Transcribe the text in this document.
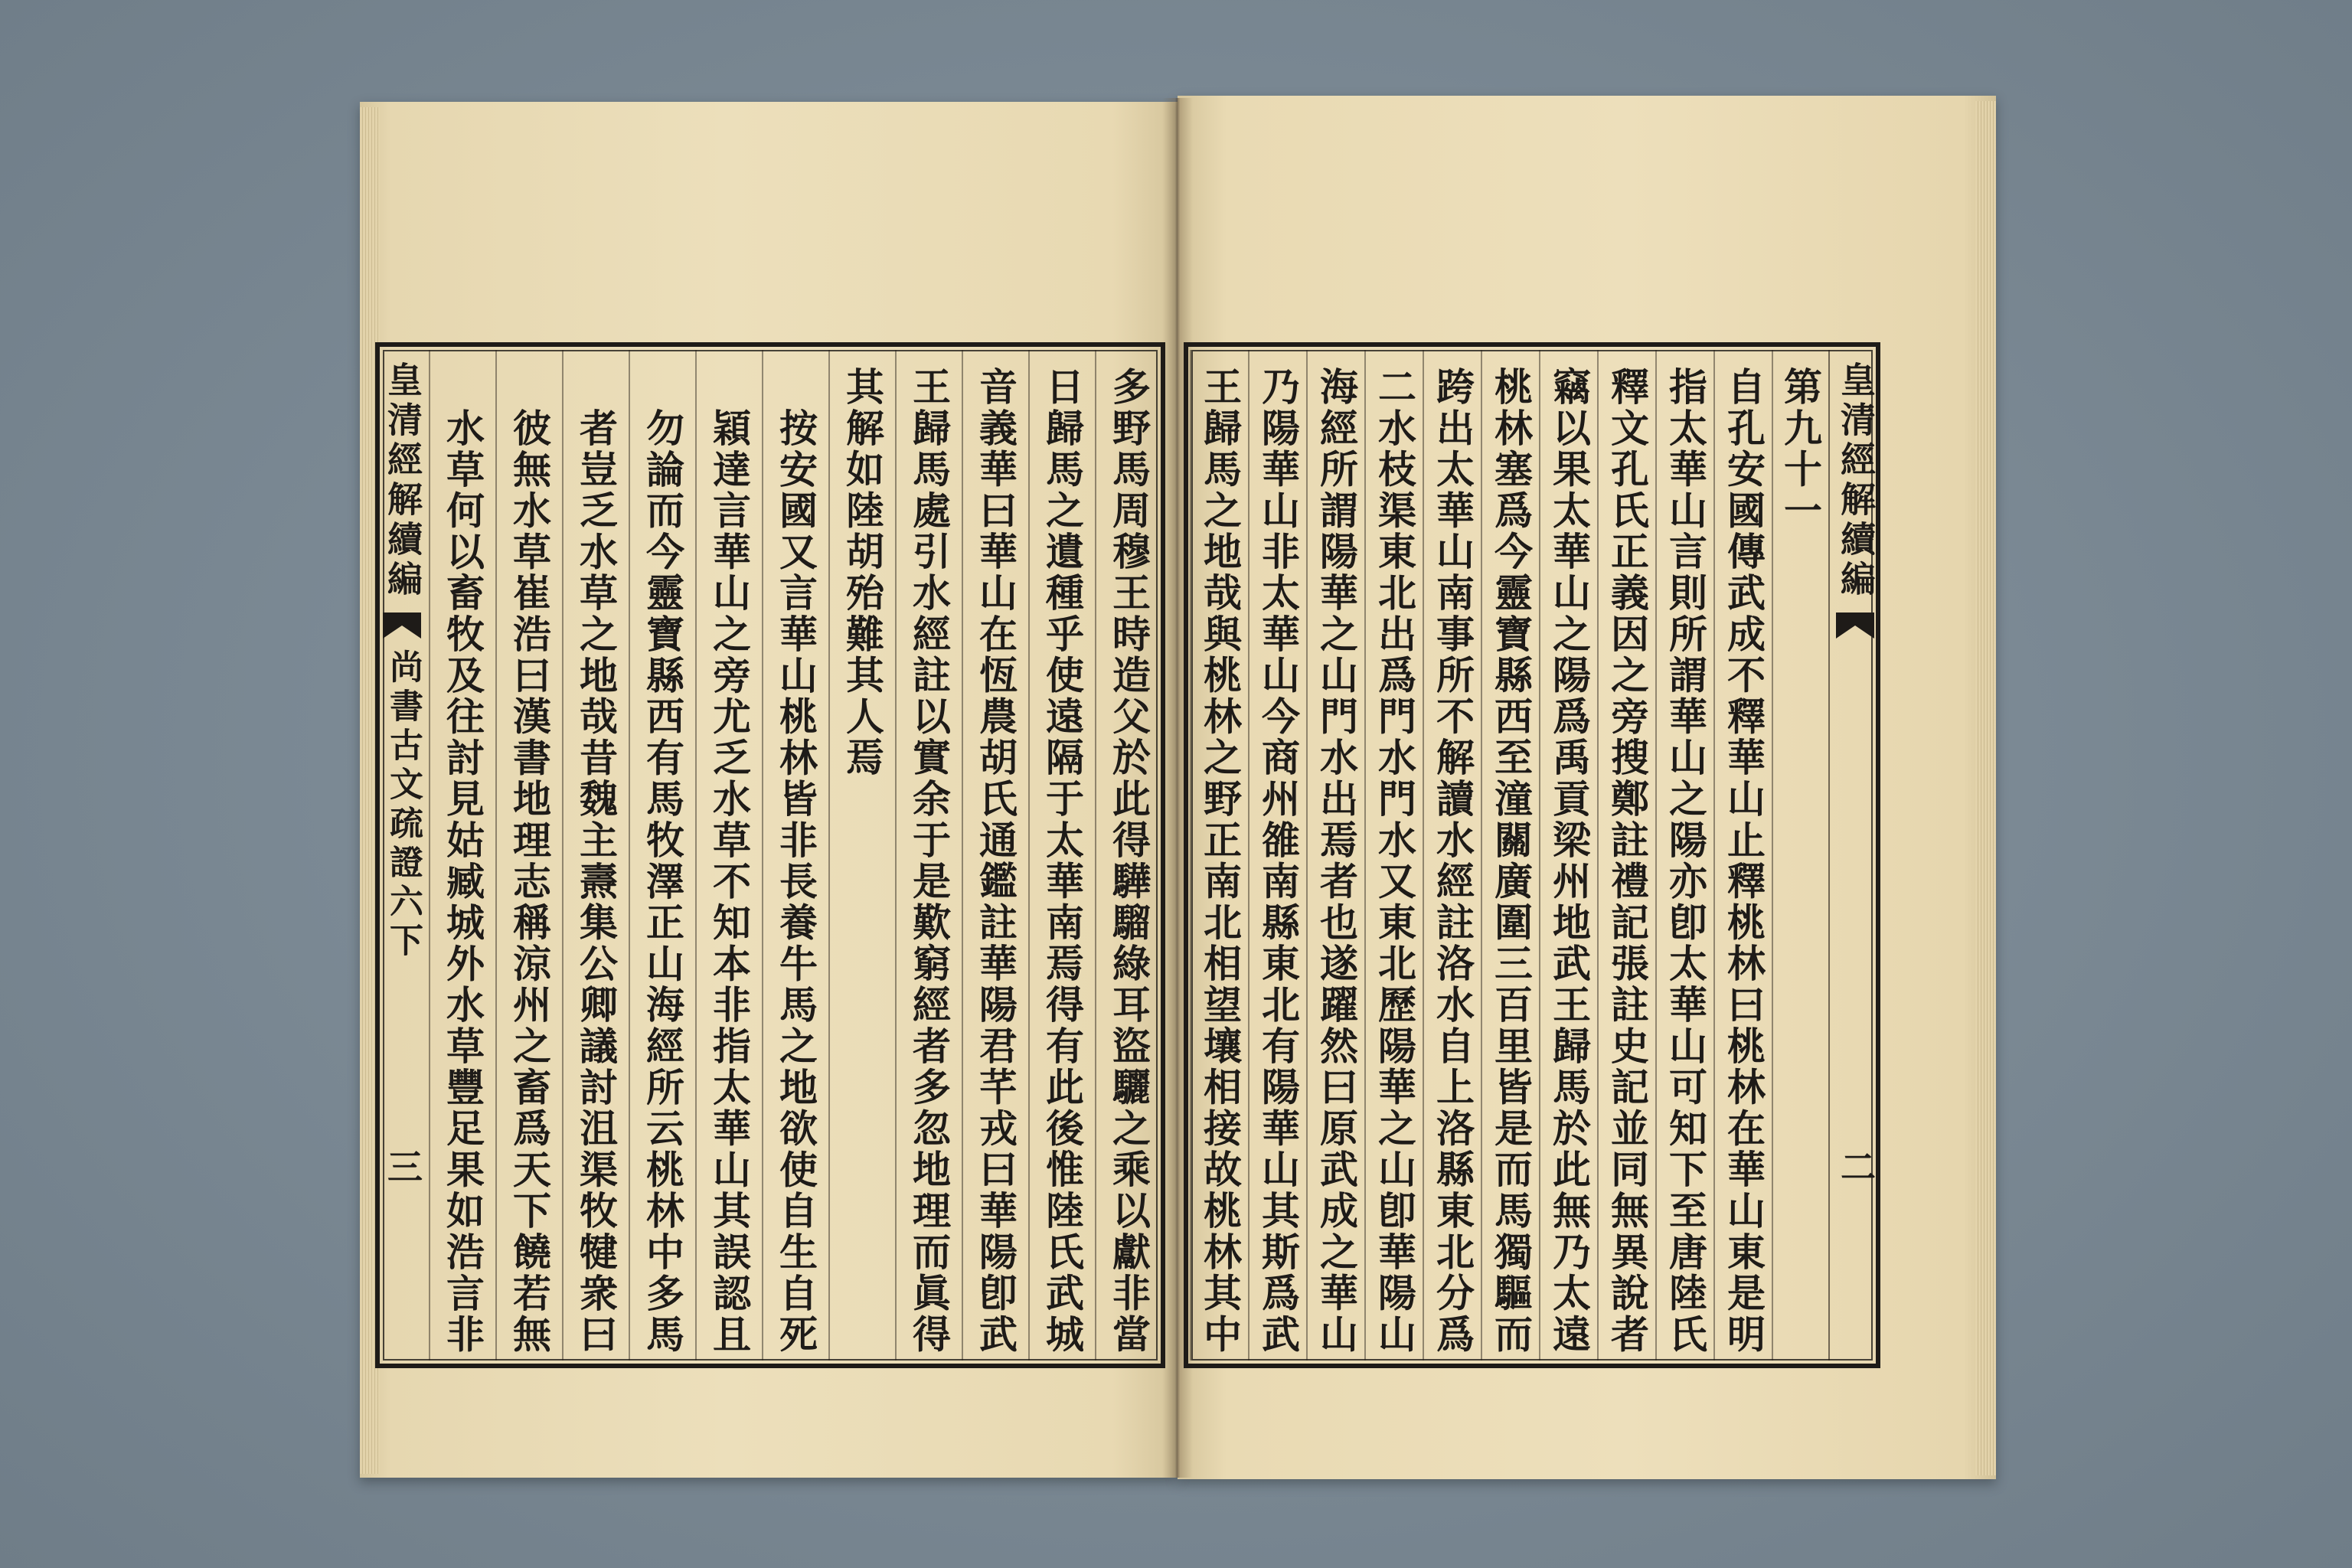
皇清經解續編
二
第九十一
自孔安國傳武成不釋華山止釋桃林曰桃林在華山東是明
指太華山言則所謂華山之陽亦卽太華山可知下至唐陸氏
釋文孔氏正義因之旁搜鄭註禮記張註史記並同無異說者
竊以果太華山之陽爲禹貢梁州地武王歸馬於此無乃太遠
桃林塞爲今靈寶縣西至潼關廣圍三百里皆是而馬獨驅而
跨出太華山南事所不解讀水經註洛水自上洛縣東北分爲
二水枝渠東北出爲門水門水又東北歷陽華之山卽華陽山
海經所謂陽華之山門水出焉者也遂躍然曰原武成之華山
乃陽華山非太華山今商州雒南縣東北有陽華山其斯爲武
王歸馬之地哉與桃林之野正南北相望壤相接故桃林其中
皇清經解續編
尚書古文疏證六下
三	多野馬周穆王時造父於此得驊騮綠耳盜驪之乘以獻非當
日歸馬之遺種乎使遠隔于太華南焉得有此後惟陸氏武城
音義華曰華山在恆農胡氏通鑑註華陽君芊戎曰華陽卽武
王歸馬處引水經註以實余于是歎窮經者多忽地理而眞得
其解如陸胡殆難其人焉
按安國又言華山桃林皆非長養牛馬之地欲使自生自死
穎達言華山之旁尤乏水草不知本非指太華山其誤認且
勿論而今靈寶縣西有馬牧澤正山海經所云桃林中多馬
者豈乏水草之地哉昔魏主燾集公卿議討沮渠牧犍衆曰
彼無水草崔浩曰漢書地理志稱涼州之畜爲天下饒若無
水草何以畜牧及往討見姑臧城外水草豐足果如浩言非
